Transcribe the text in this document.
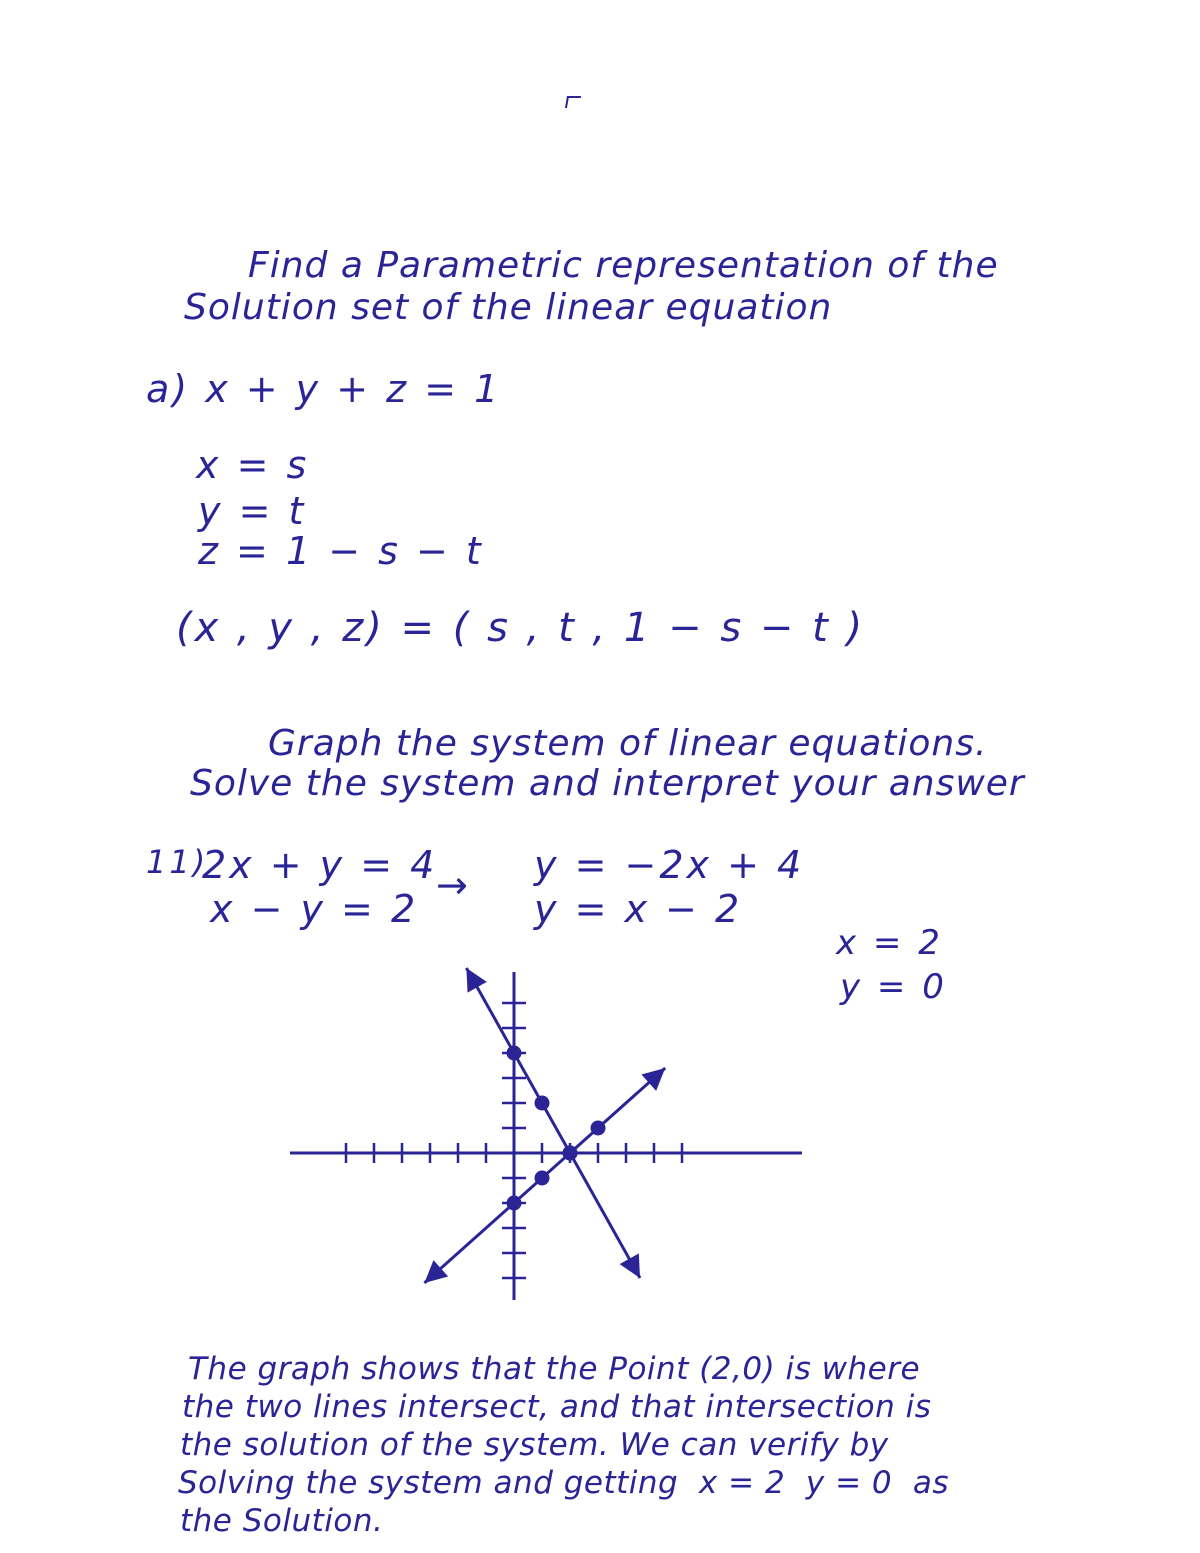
Find a Parametric representation of the
Solution set of the linear equation
a) x + y + z = 1
x = s
y = t
z = 1 − s − t
(x , y , z) = ( s , t , 1 − s − t )
Graph the system of linear equations.
Solve the system and interpret your answer
11)
2x + y = 4
x − y = 2
→ y = −2x + 4
y = x − 2
x = 2
y = 0
The graph shows that the Point (2,0) is where
the two lines intersect, and that intersection is
the solution of the system. We can verify by
Solving the system and getting  x = 2  y = 0  as
the Solution.
